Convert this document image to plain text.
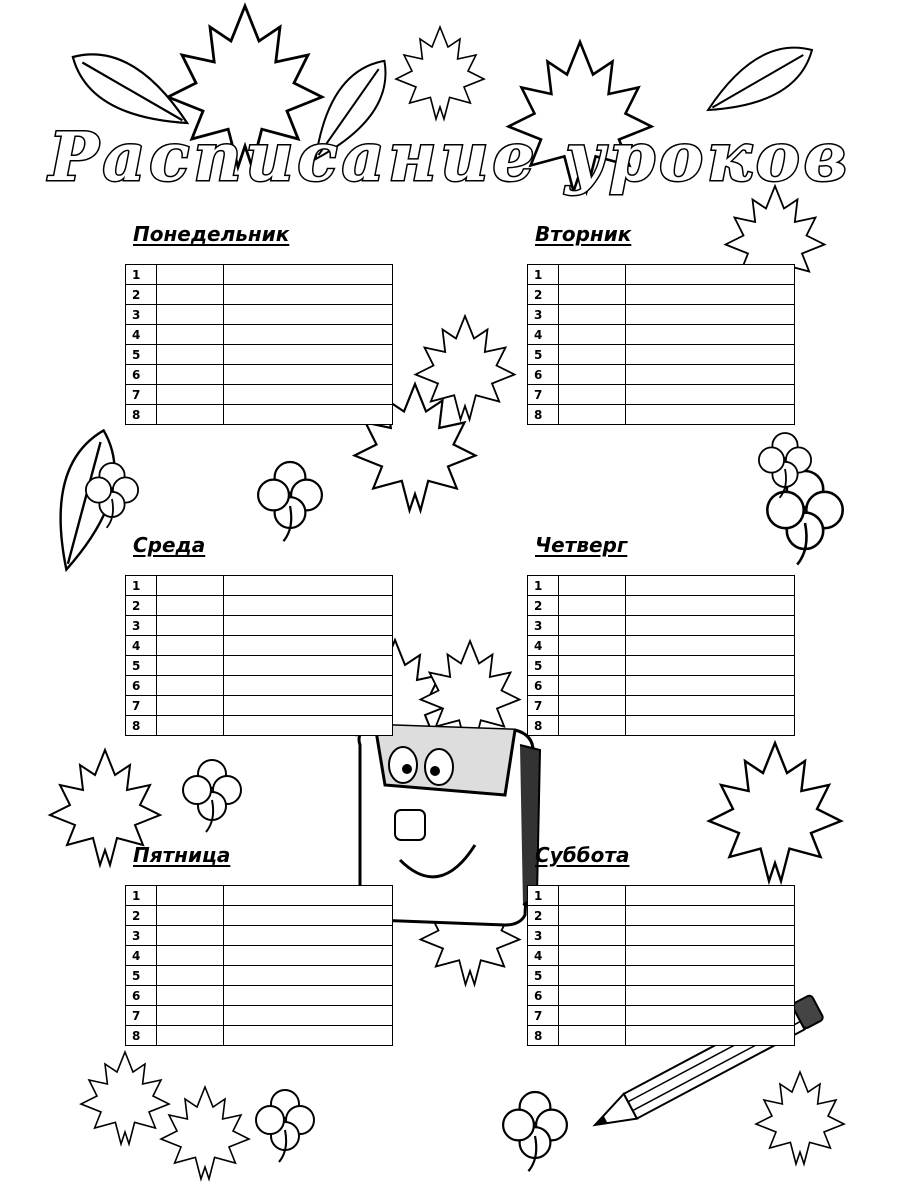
Расписание уроков
Понедельник
1		
2		
3		
4		
5		
6		
7		
8		
Вторник
1		
2		
3		
4		
5		
6		
7		
8		
Среда
1		
2		
3		
4		
5		
6		
7		
8		
Четверг
1		
2		
3		
4		
5		
6		
7		
8		
Пятница
1		
2		
3		
4		
5		
6		
7		
8		
Суббота
1		
2		
3		
4		
5		
6		
7		
8		
